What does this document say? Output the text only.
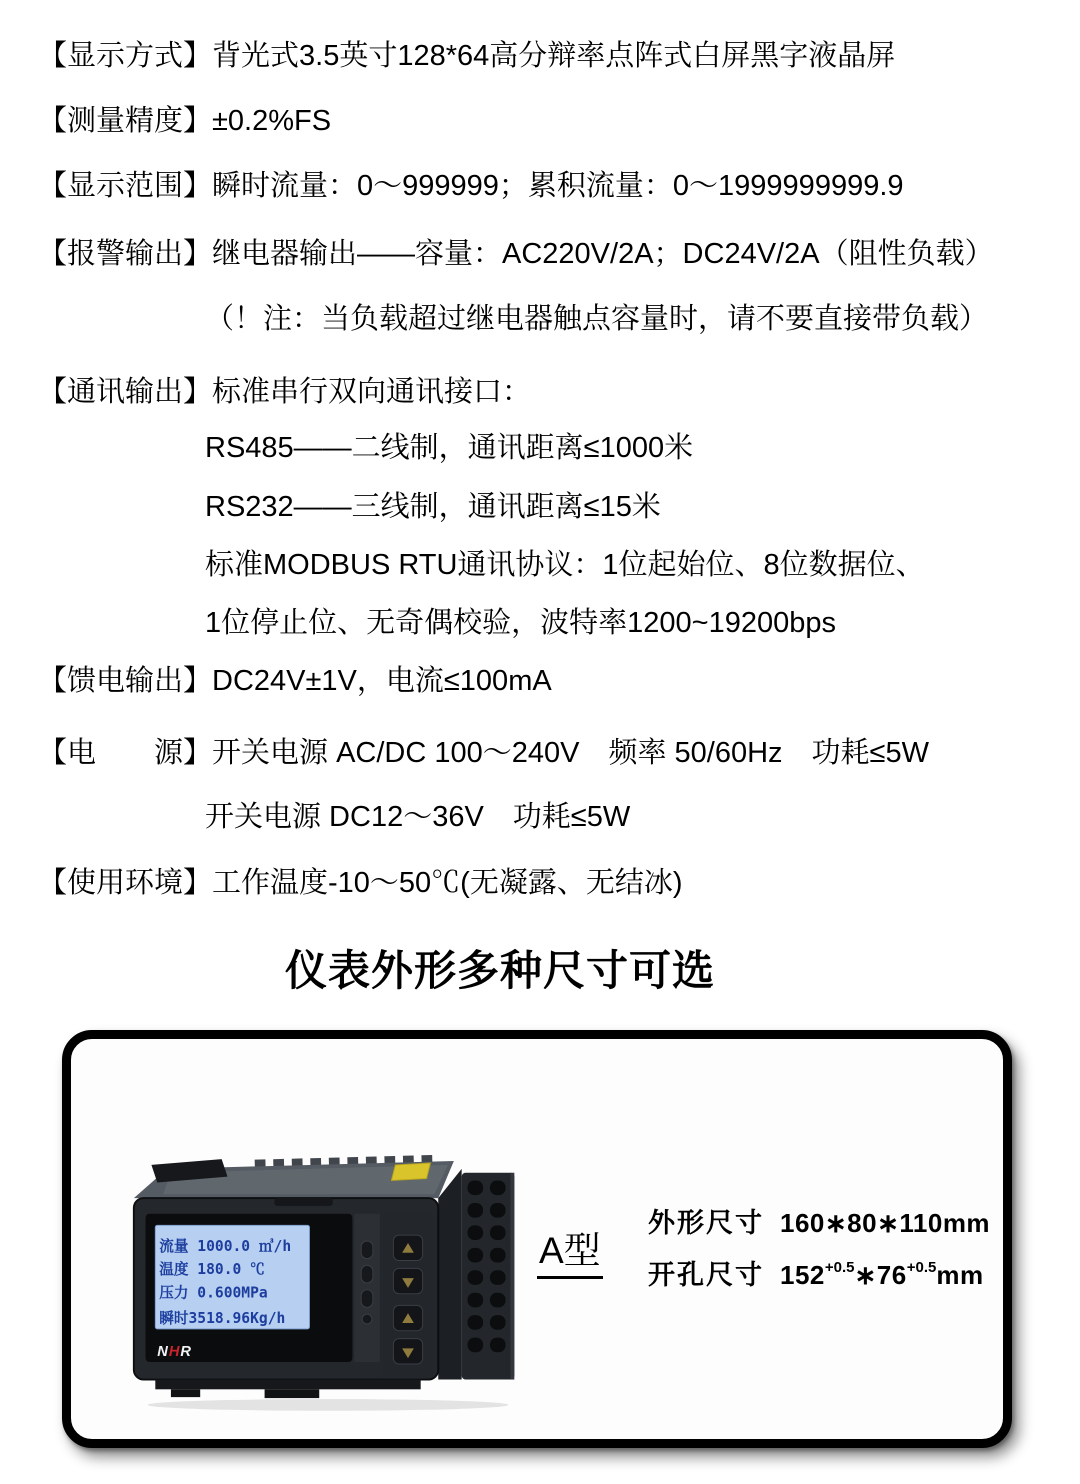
【显示方式】 背光式3.5英寸128*64高分辩率点阵式白屏黑字液晶屏
【测量精度】 ±0.2%FS
【显示范围】 瞬时流量：0～999999；累积流量：0～1999999999.9
【报警输出】 继电器输出——容量：AC220V/2A；DC24V/2A（阻性负载）
（！注：当负载超过继电器触点容量时，请不要直接带负载）
【通讯输出】 标准串行双向通讯接口：
RS485——二线制，通讯距离≤1000米
RS232——三线制，通讯距离≤15米
标准MODBUS RTU通讯协议：1位起始位、8位数据位、
1位停止位、无奇偶校验，波特率1200~19200bps
【馈电输出】 DC24V±1V，电流≤100mA
【电　　源】 开关电源 AC/DC 100～240V　频率 50/60Hz　功耗≤5W
开关电源 DC12～36V　功耗≤5W
【使用环境】 工作温度-10～50℃(无凝露、无结冰)
仪表外形多种尺寸可选
流量 1000.0 ㎥/h
温度 180.0 ℃
压力 0.600MPa
瞬时3518.96Kg/h
NHR
A型
外形尺寸 160∗80∗110mm
开孔尺寸 $152^{+0.5}∗76^{+0.5}mm$
